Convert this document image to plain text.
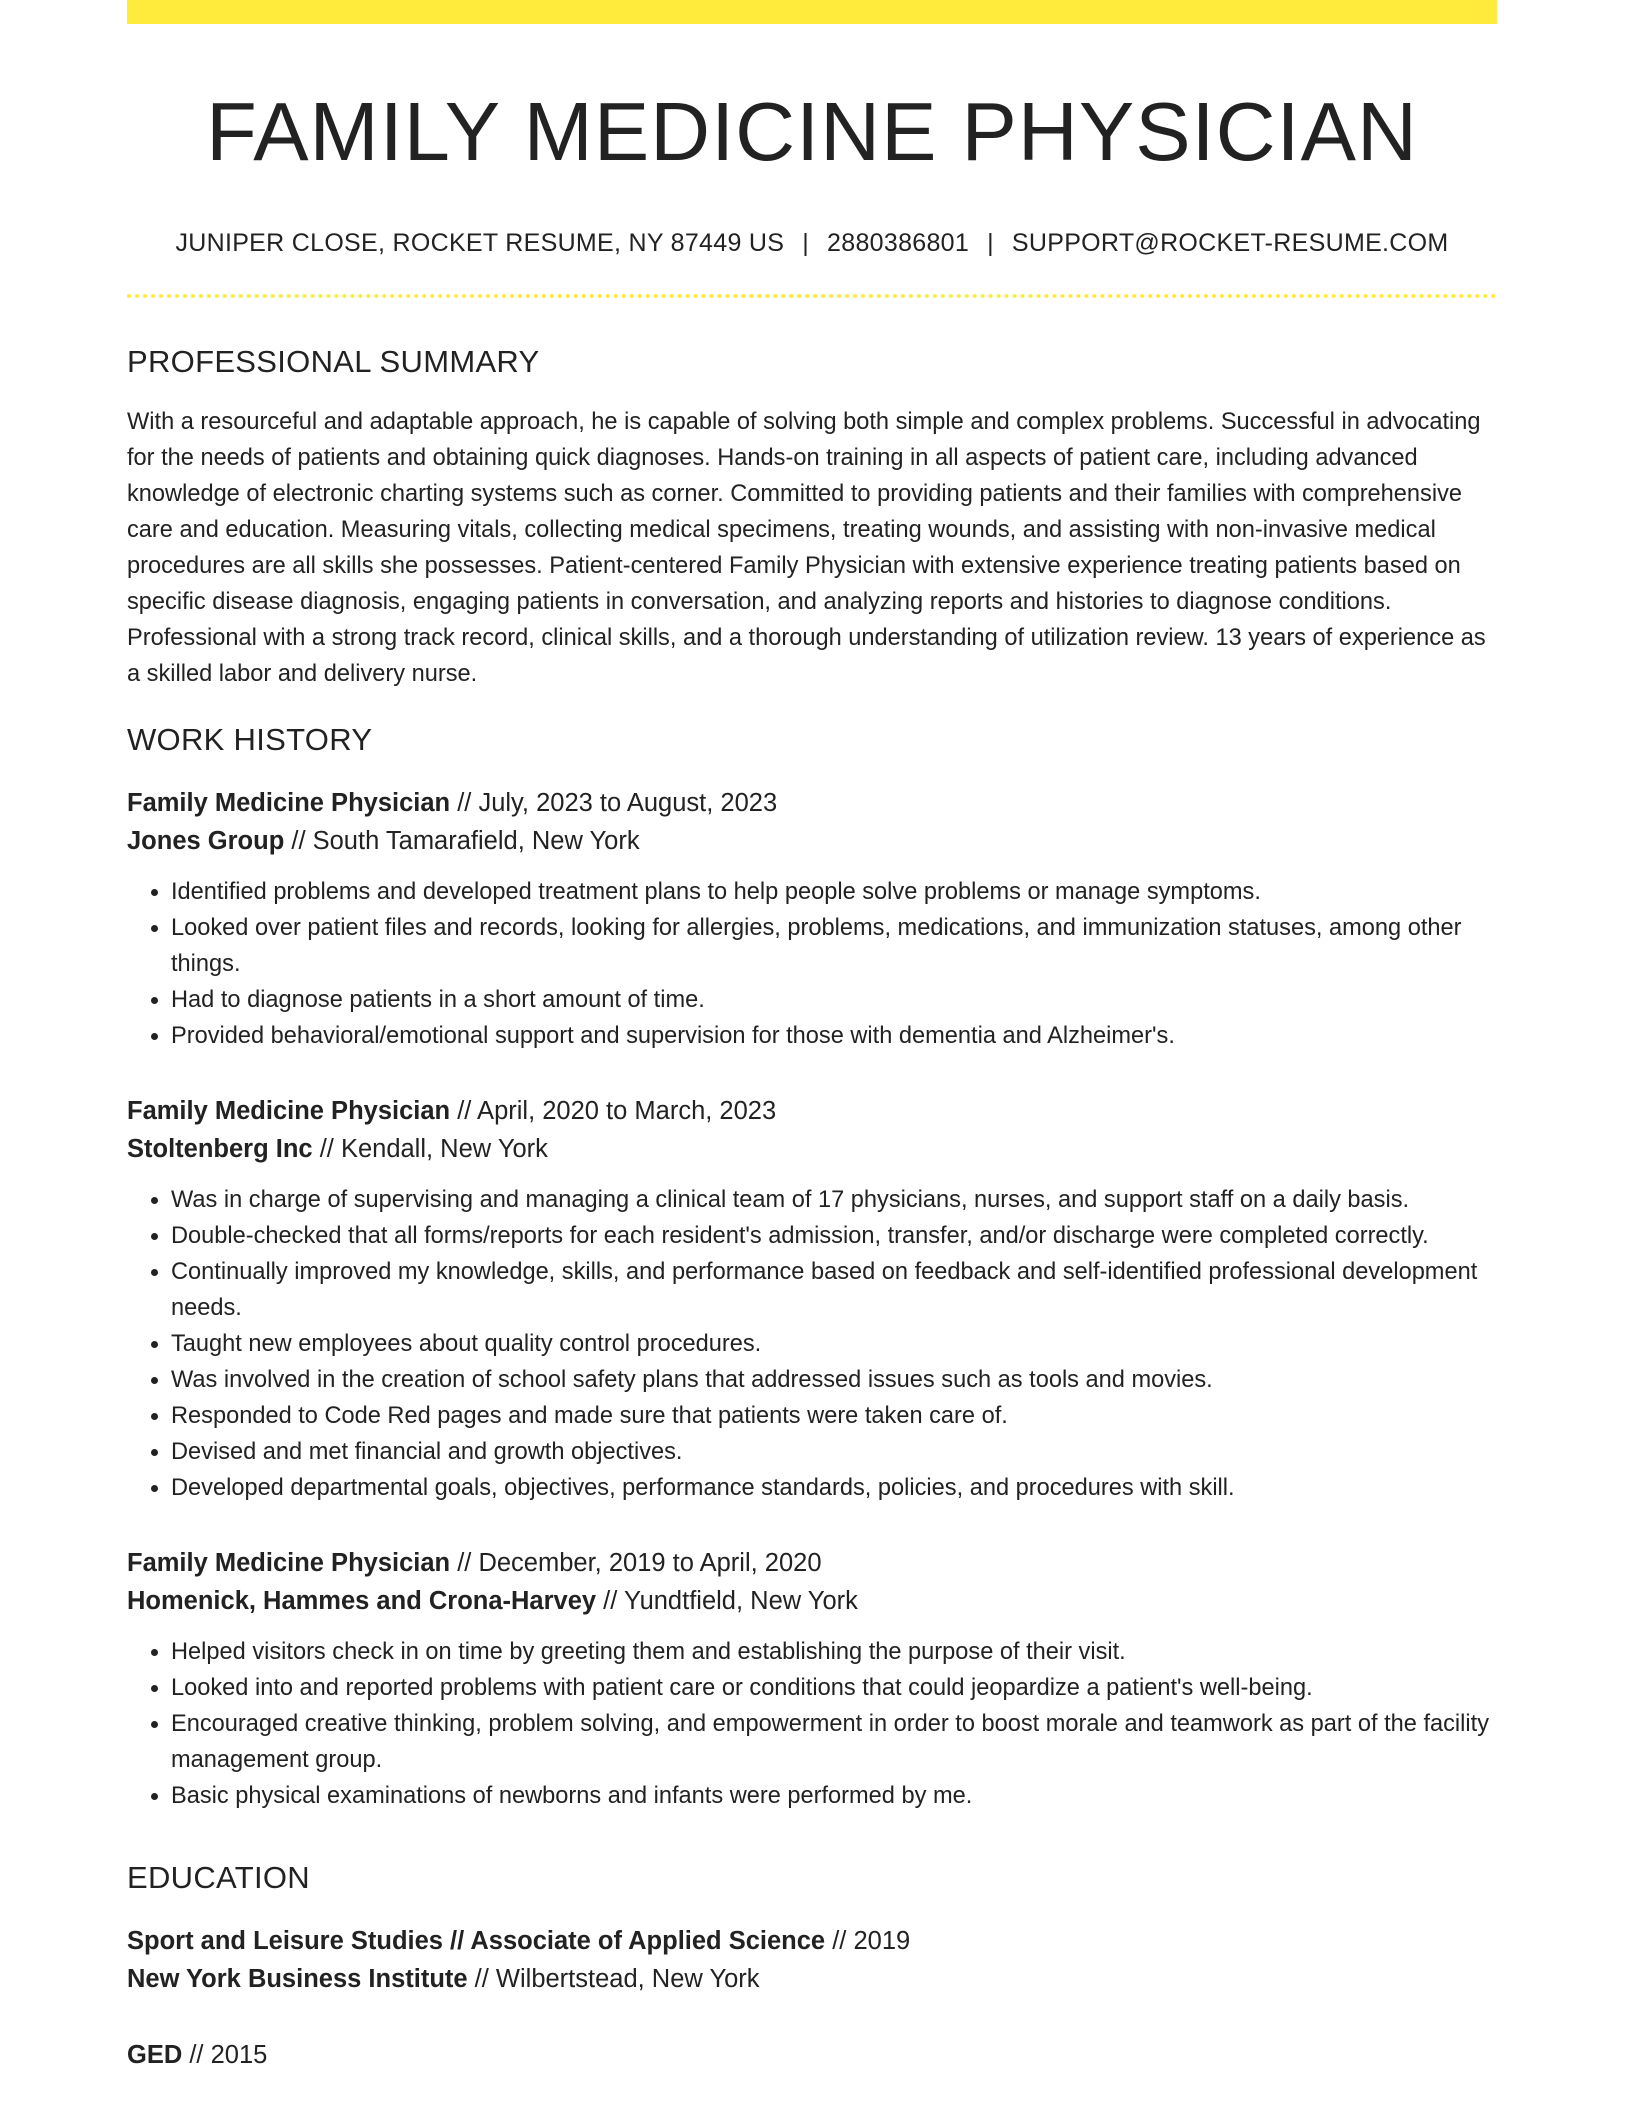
FAMILY MEDICINE PHYSICIAN
JUNIPER CLOSE, ROCKET RESUME, NY 87449 US | 2880386801 | SUPPORT@ROCKET-RESUME.COM
PROFESSIONAL SUMMARY

With a resourceful and adaptable approach, he is capable of solving both simple and complex problems. Successful in advocating for the needs of patients and obtaining quick diagnoses. Hands-on training in all aspects of patient care, including advanced knowledge of electronic charting systems such as corner. Committed to providing patients and their families with comprehensive care and education. Measuring vitals, collecting medical specimens, treating wounds, and assisting with non-invasive medical procedures are all skills she possesses. Patient-centered Family Physician with extensive experience treating patients based on specific disease diagnosis, engaging patients in conversation, and analyzing reports and histories to diagnose conditions. Professional with a strong track record, clinical skills, and a thorough understanding of utilization review. 13 years of experience as a skilled labor and delivery nurse.

WORK HISTORY
Family Medicine Physician // July, 2023 to August, 2023
Jones Group // South Tamarafield, New York
• Identified problems and developed treatment plans to help people solve problems or manage symptoms.
• Looked over patient files and records, looking for allergies, problems, medications, and immunization statuses, among other things.
• Had to diagnose patients in a short amount of time.
• Provided behavioral/emotional support and supervision for those with dementia and Alzheimer's.
Family Medicine Physician // April, 2020 to March, 2023
Stoltenberg Inc // Kendall, New York
• Was in charge of supervising and managing a clinical team of 17 physicians, nurses, and support staff on a daily basis.
• Double-checked that all forms/reports for each resident's admission, transfer, and/or discharge were completed correctly.
• Continually improved my knowledge, skills, and performance based on feedback and self-identified professional development needs.
• Taught new employees about quality control procedures.
• Was involved in the creation of school safety plans that addressed issues such as tools and movies.
• Responded to Code Red pages and made sure that patients were taken care of.
• Devised and met financial and growth objectives.
• Developed departmental goals, objectives, performance standards, policies, and procedures with skill.
Family Medicine Physician // December, 2019 to April, 2020
Homenick, Hammes and Crona-Harvey // Yundtfield, New York
• Helped visitors check in on time by greeting them and establishing the purpose of their visit.
• Looked into and reported problems with patient care or conditions that could jeopardize a patient's well-being.
• Encouraged creative thinking, problem solving, and empowerment in order to boost morale and teamwork as part of the facility management group.
• Basic physical examinations of newborns and infants were performed by me.
EDUCATION
Sport and Leisure Studies // Associate of Applied Science // 2019
New York Business Institute // Wilbertstead, New York
GED // 2015
